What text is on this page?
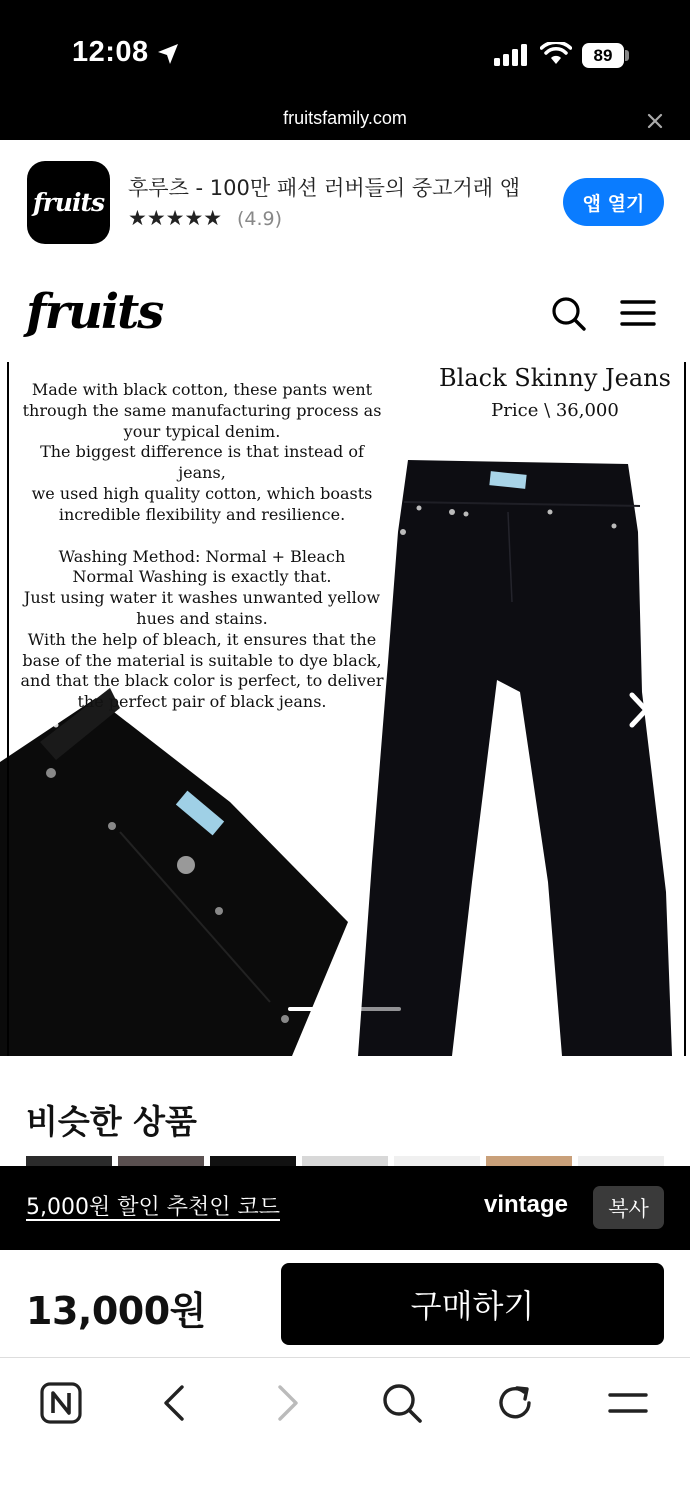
12:08	89
fruitsfamily.com
fruits 후루츠 - 100만 패션 러버들의 중고거래 앱
★★★★★ (4.9)
앱 열기
fruits

Made with black cotton, these pants went

through the same manufacturing process as

your typical denim.

The biggest difference is that instead of jeans,

we used high quality cotton, which boasts

incredible flexibility and resilience.

Washing Method: Normal + Bleach

Normal Washing is exactly that.

Just using water it washes unwanted yellow

hues and stains.

With the help of bleach, it ensures that the

base of the material is suitable to dye black,

and that the black color is perfect, to deliver

the perfect pair of black jeans.

Black Skinny Jeans
Price \ 36,000
비슷한 상품
5,000원 할인 추천인 코드	vintage	복사
13,000원	구매하기
